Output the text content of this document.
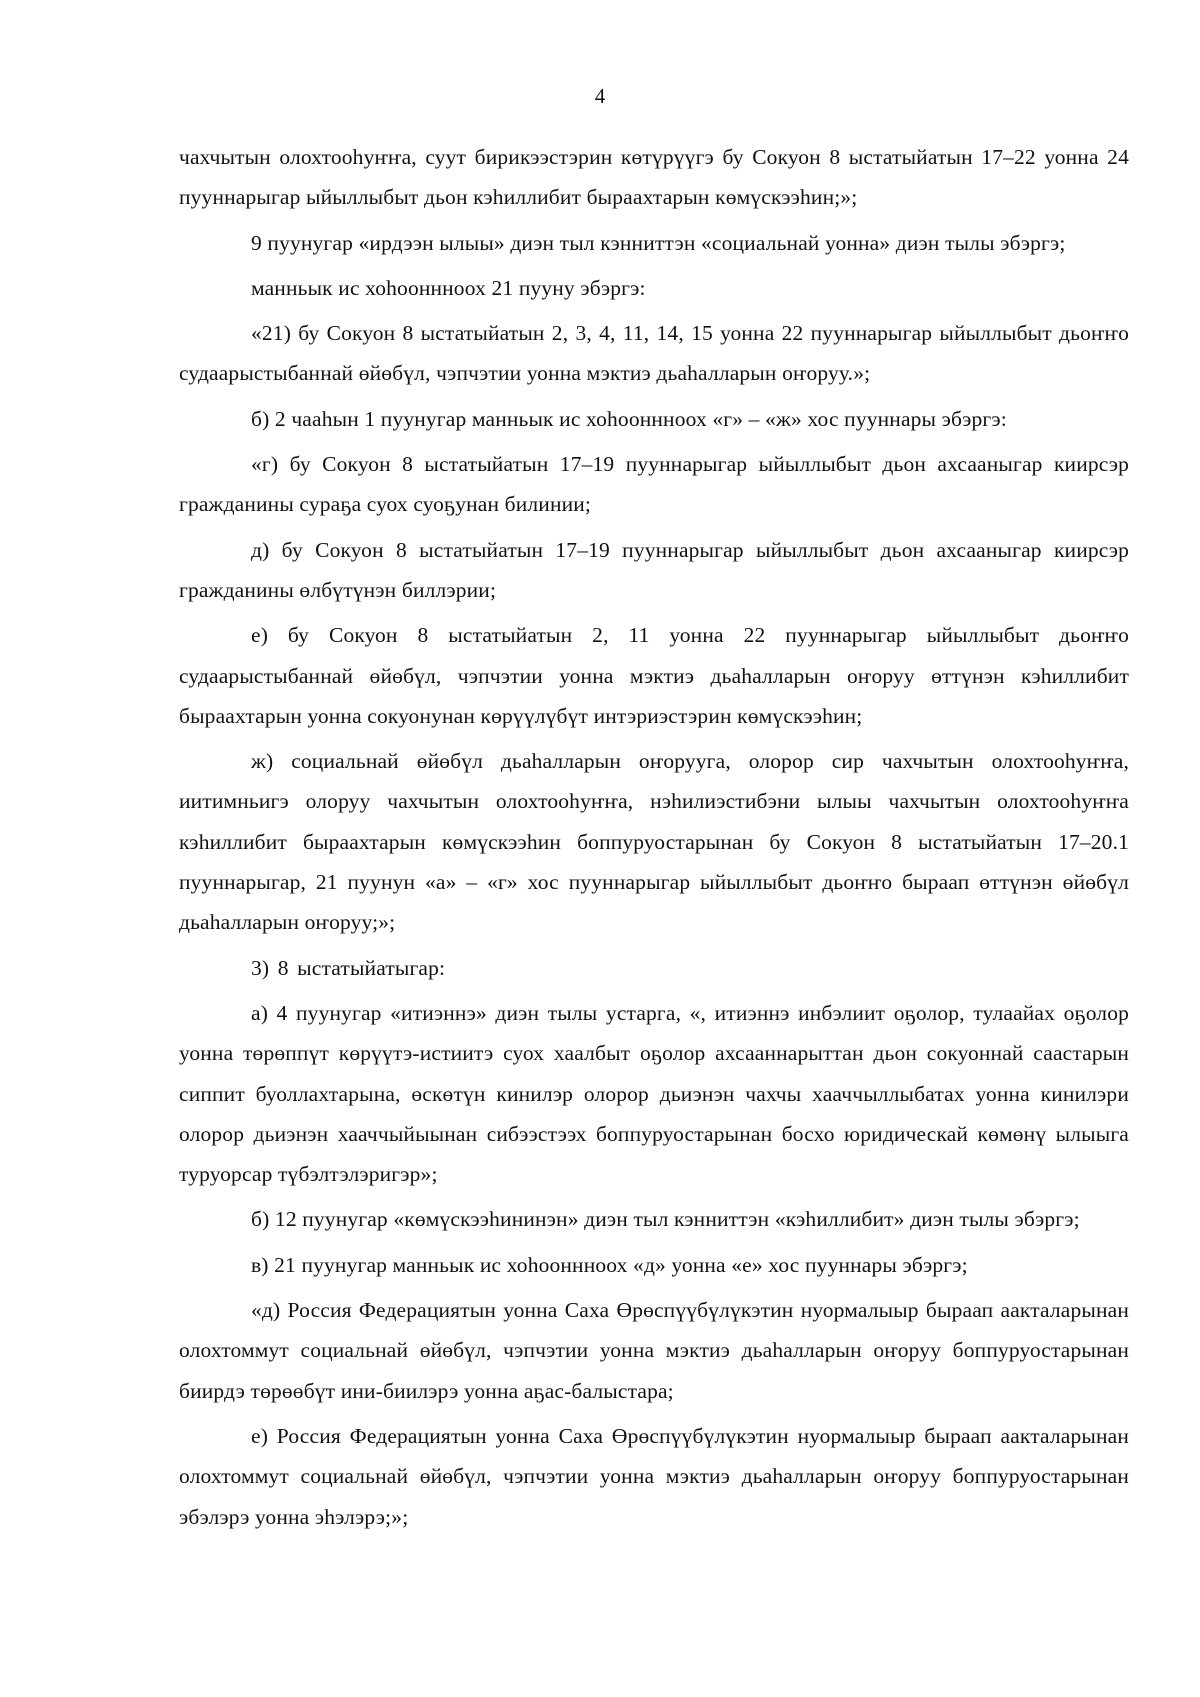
4

чахчытын олохтооһуҥҥа, суут бирикээстэрин көтүрүүгэ бу Сокуон 8 ыстатыйатын 17–22 уонна 24 пууннарыгар ыйыллыбыт дьон кэһиллибит быраахтарын көмүскээһин;»;

9 пуунугар «ирдээн ылыы» диэн тыл кэнниттэн «социальнай уонна» диэн тылы эбэргэ;

манньык ис хоһооннноох 21 пууну эбэргэ:

«21) бу Сокуон 8 ыстатыйатын 2, 3, 4, 11, 14, 15 уонна 22 пууннарыгар ыйыллыбыт дьоҥҥо судаарыстыбаннай өйөбүл, чэпчэтии уонна мэктиэ дьаһалларын оҥоруу.»;

б) 2 чааһын 1 пуунугар манньык ис хоһооннноох «г» – «ж» хос пууннары эбэргэ:

«г) бу Сокуон 8 ыстатыйатын 17–19 пууннарыгар ыйыллыбыт дьон ахсааныгар киирсэр гражданины сураҕа суох суоҕунан билинии;

д) бу Сокуон 8 ыстатыйатын 17–19 пууннарыгар ыйыллыбыт дьон ахсааныгар киирсэр гражданины өлбүтүнэн биллэрии;

е) бу Сокуон 8 ыстатыйатын 2, 11 уонна 22 пууннарыгар ыйыллыбыт дьоҥҥо судаарыстыбаннай өйөбүл, чэпчэтии уонна мэктиэ дьаһалларын оҥоруу өттүнэн кэһиллибит быраахтарын уонна сокуонунан көрүүлүбүт интэриэстэрин көмүскээһин;

ж) социальнай өйөбүл дьаһалларын оҥорууга, олорор сир чахчытын олохтооһуҥҥа, иитимньигэ олоруу чахчытын олохтооһуҥҥа, нэһилиэстибэни ылыы чахчытын олохтооһуҥҥа кэһиллибит быраахтарын көмүскээһин боппуруостарынан бу Сокуон 8 ыстатыйатын 17–20.1 пууннарыгар, 21 пуунун «а» – «г» хос пууннарыгар ыйыллыбыт дьоҥҥо быраап өттүнэн өйөбүл дьаһалларын оҥоруу;»;

3) 8 ыстатыйатыгар:

а) 4 пуунугар «итиэннэ» диэн тылы устарга, «, итиэннэ инбэлиит оҕолор, тулаайах оҕолор уонна төрөппүт көрүүтэ-истиитэ суох хаалбыт оҕолор ахсааннарыттан дьон сокуоннай саастарын сиппит буоллахтарына, өскөтүн кинилэр олорор дьиэнэн чахчы хааччыллыбатах уонна кинилэри олорор дьиэнэн хааччыйыынан сибээстээх боппуруостарынан босхо юридическай көмөнү ылыыга туруорсар түбэлтэлэригэр»;

б) 12 пуунугар «көмүскээһининэн» диэн тыл кэнниттэн «кэһиллибит» диэн тылы эбэргэ;

в) 21 пуунугар манньык ис хоһооннноох «д» уонна «е» хос пууннары эбэргэ;

«д) Россия Федерациятын уонна Саха Өрөспүүбүлүкэтин нуормалыыр быраап аакталарынан олохтоммут социальнай өйөбүл, чэпчэтии уонна мэктиэ дьаһалларын оҥоруу боппуруостарынан биирдэ төрөөбүт ини-биилэрэ уонна аҕас-балыстара;

е) Россия Федерациятын уонна Саха Өрөспүүбүлүкэтин нуормалыыр быраап аакталарынан олохтоммут социальнай өйөбүл, чэпчэтии уонна мэктиэ дьаһалларын оҥоруу боппуруостарынан эбэлэрэ уонна эһэлэрэ;»;
